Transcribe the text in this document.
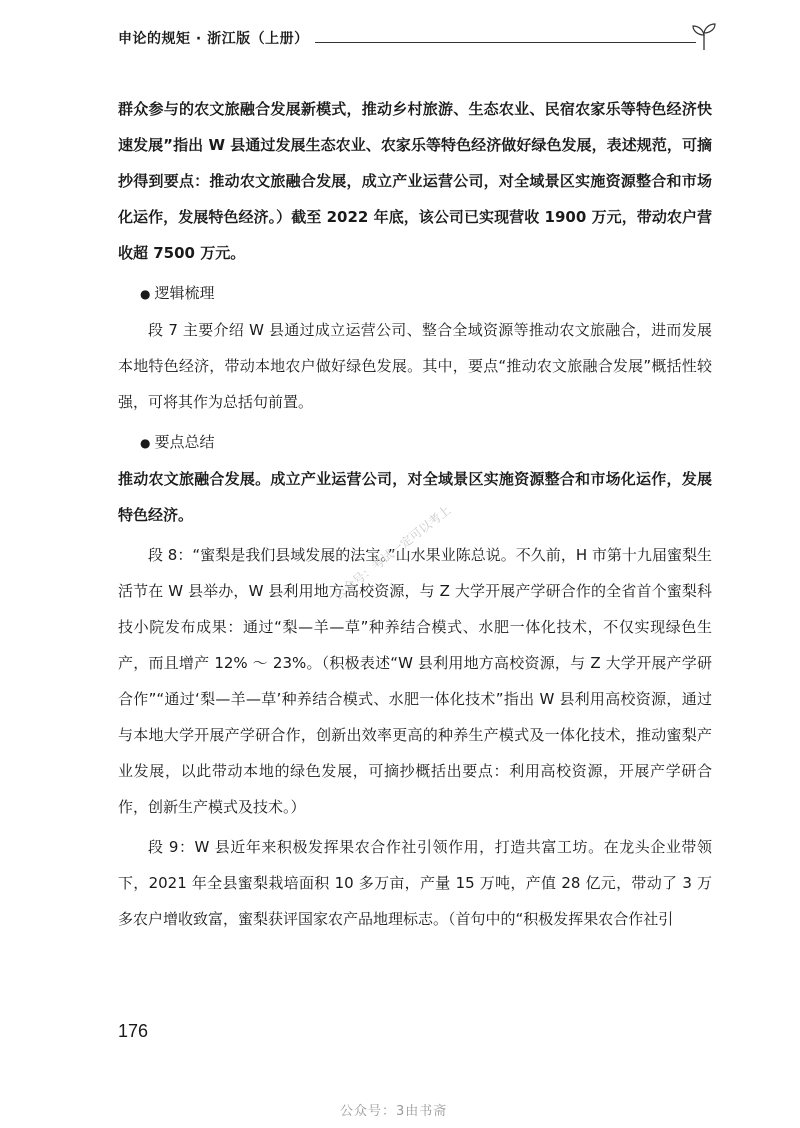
申论的规矩 · 浙江版（上册）

群众参与的农文旅融合发展新模式，推动乡村旅游、生态农业、民宿农家乐等特色经济快速发展”指出 W 县通过发展生态农业、农家乐等特色经济做好绿色发展，表述规范，可摘抄得到要点：推动农文旅融合发展，成立产业运营公司，对全域景区实施资源整合和市场化运作，发展特色经济。）截至 2022 年底，该公司已实现营收 1900 万元，带动农户营收超 7500 万元。

● 逻辑梳理

段 7 主要介绍 W 县通过成立运营公司、整合全域资源等推动农文旅融合，进而发展本地特色经济，带动本地农户做好绿色发展。其中，要点“推动农文旅融合发展”概括性较强，可将其作为总括句前置。

● 要点总结

推动农文旅融合发展。成立产业运营公司，对全域景区实施资源整合和市场化运作，发展特色经济。

段 8：“蜜梨是我们县域发展的法宝。”山水果业陈总说。不久前，H 市第十九届蜜梨生活节在 W 县举办，W 县利用地方高校资源，与 Z 大学开展产学研合作的全省首个蜜梨科技小院发布成果：通过“梨—羊—草”种养结合模式、水肥一体化技术，不仅实现绿色生产，而且增产 12% ～ 23%。（积极表述“W 县利用地方高校资源，与 Z 大学开展产学研合作”“通过‘梨—羊—草’种养结合模式、水肥一体化技术”指出 W 县利用高校资源，通过与本地大学开展产学研合作，创新出效率更高的种养生产模式及一体化技术，推动蜜梨产业发展，以此带动本地的绿色发展，可摘抄概括出要点：利用高校资源，开展产学研合作，创新生产模式及技术。）

段 9：W 县近年来积极发挥果农合作社引领作用，打造共富工坊。在龙头企业带领下，2021 年全县蜜梨栽培面积 10 多万亩，产量 15 万吨，产值 28 亿元，带动了 3 万多农户增收致富，蜜梨获评国家农产品地理标志。（首句中的“积极发挥果农合作社引

公众号：考试一定可以考上
176
公众号：3由书斋
